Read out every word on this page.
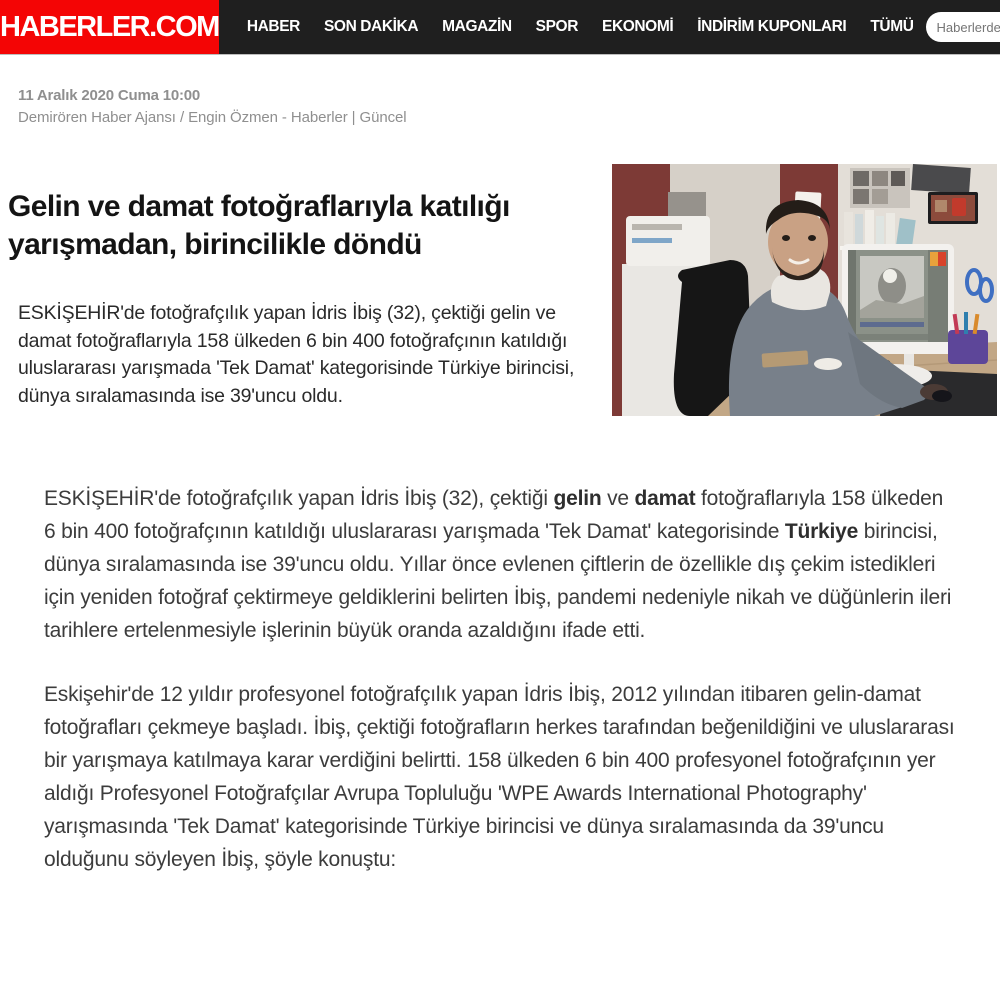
HABERLER.COM	HABER	SON DAKİKA	MAGAZİN	SPOR	EKONOMİ	İNDİRİM KUPONLARI	TÜMÜ
Haberlerde Ara
11 Aralık 2020 Cuma 10:00
Demirören Haber Ajansı / Engin Özmen - Haberler | Güncel
Gelin ve damat fotoğraflarıyla katılığı yarışmadan, birincilikle döndü

ESKİŞEHİR'de fotoğrafçılık yapan İdris İbiş (32), çektiği gelin ve damat fotoğraflarıyla 158 ülkeden 6 bin 400 fotoğrafçının katıldığı uluslararası yarışmada 'Tek Damat' kategorisinde Türkiye birincisi, dünya sıralamasında ise 39'uncu oldu.

ESKİŞEHİR'de fotoğrafçılık yapan İdris İbiş (32), çektiği gelin ve damat fotoğraflarıyla 158 ülkeden 6 bin 400 fotoğrafçının katıldığı uluslararası yarışmada 'Tek Damat' kategorisinde Türkiye birincisi, dünya sıralamasında ise 39'uncu oldu. Yıllar önce evlenen çiftlerin de özellikle dış çekim istedikleri için yeniden fotoğraf çektirmeye geldiklerini belirten İbiş, pandemi nedeniyle nikah ve düğünlerin ileri tarihlere ertelenmesiyle işlerinin büyük oranda azaldığını ifade etti.

Eskişehir'de 12 yıldır profesyonel fotoğrafçılık yapan İdris İbiş, 2012 yılından itibaren gelin-damat fotoğrafları çekmeye başladı. İbiş, çektiği fotoğrafların herkes tarafından beğenildiğini ve uluslararası bir yarışmaya katılmaya karar verdiğini belirtti. 158 ülkeden 6 bin 400 profesyonel fotoğrafçının yer aldığı Profesyonel Fotoğrafçılar Avrupa Topluluğu 'WPE Awards International Photography' yarışmasında 'Tek Damat' kategorisinde Türkiye birincisi ve dünya sıralamasında da 39'uncu olduğunu söyleyen İbiş, şöyle konuştu:
